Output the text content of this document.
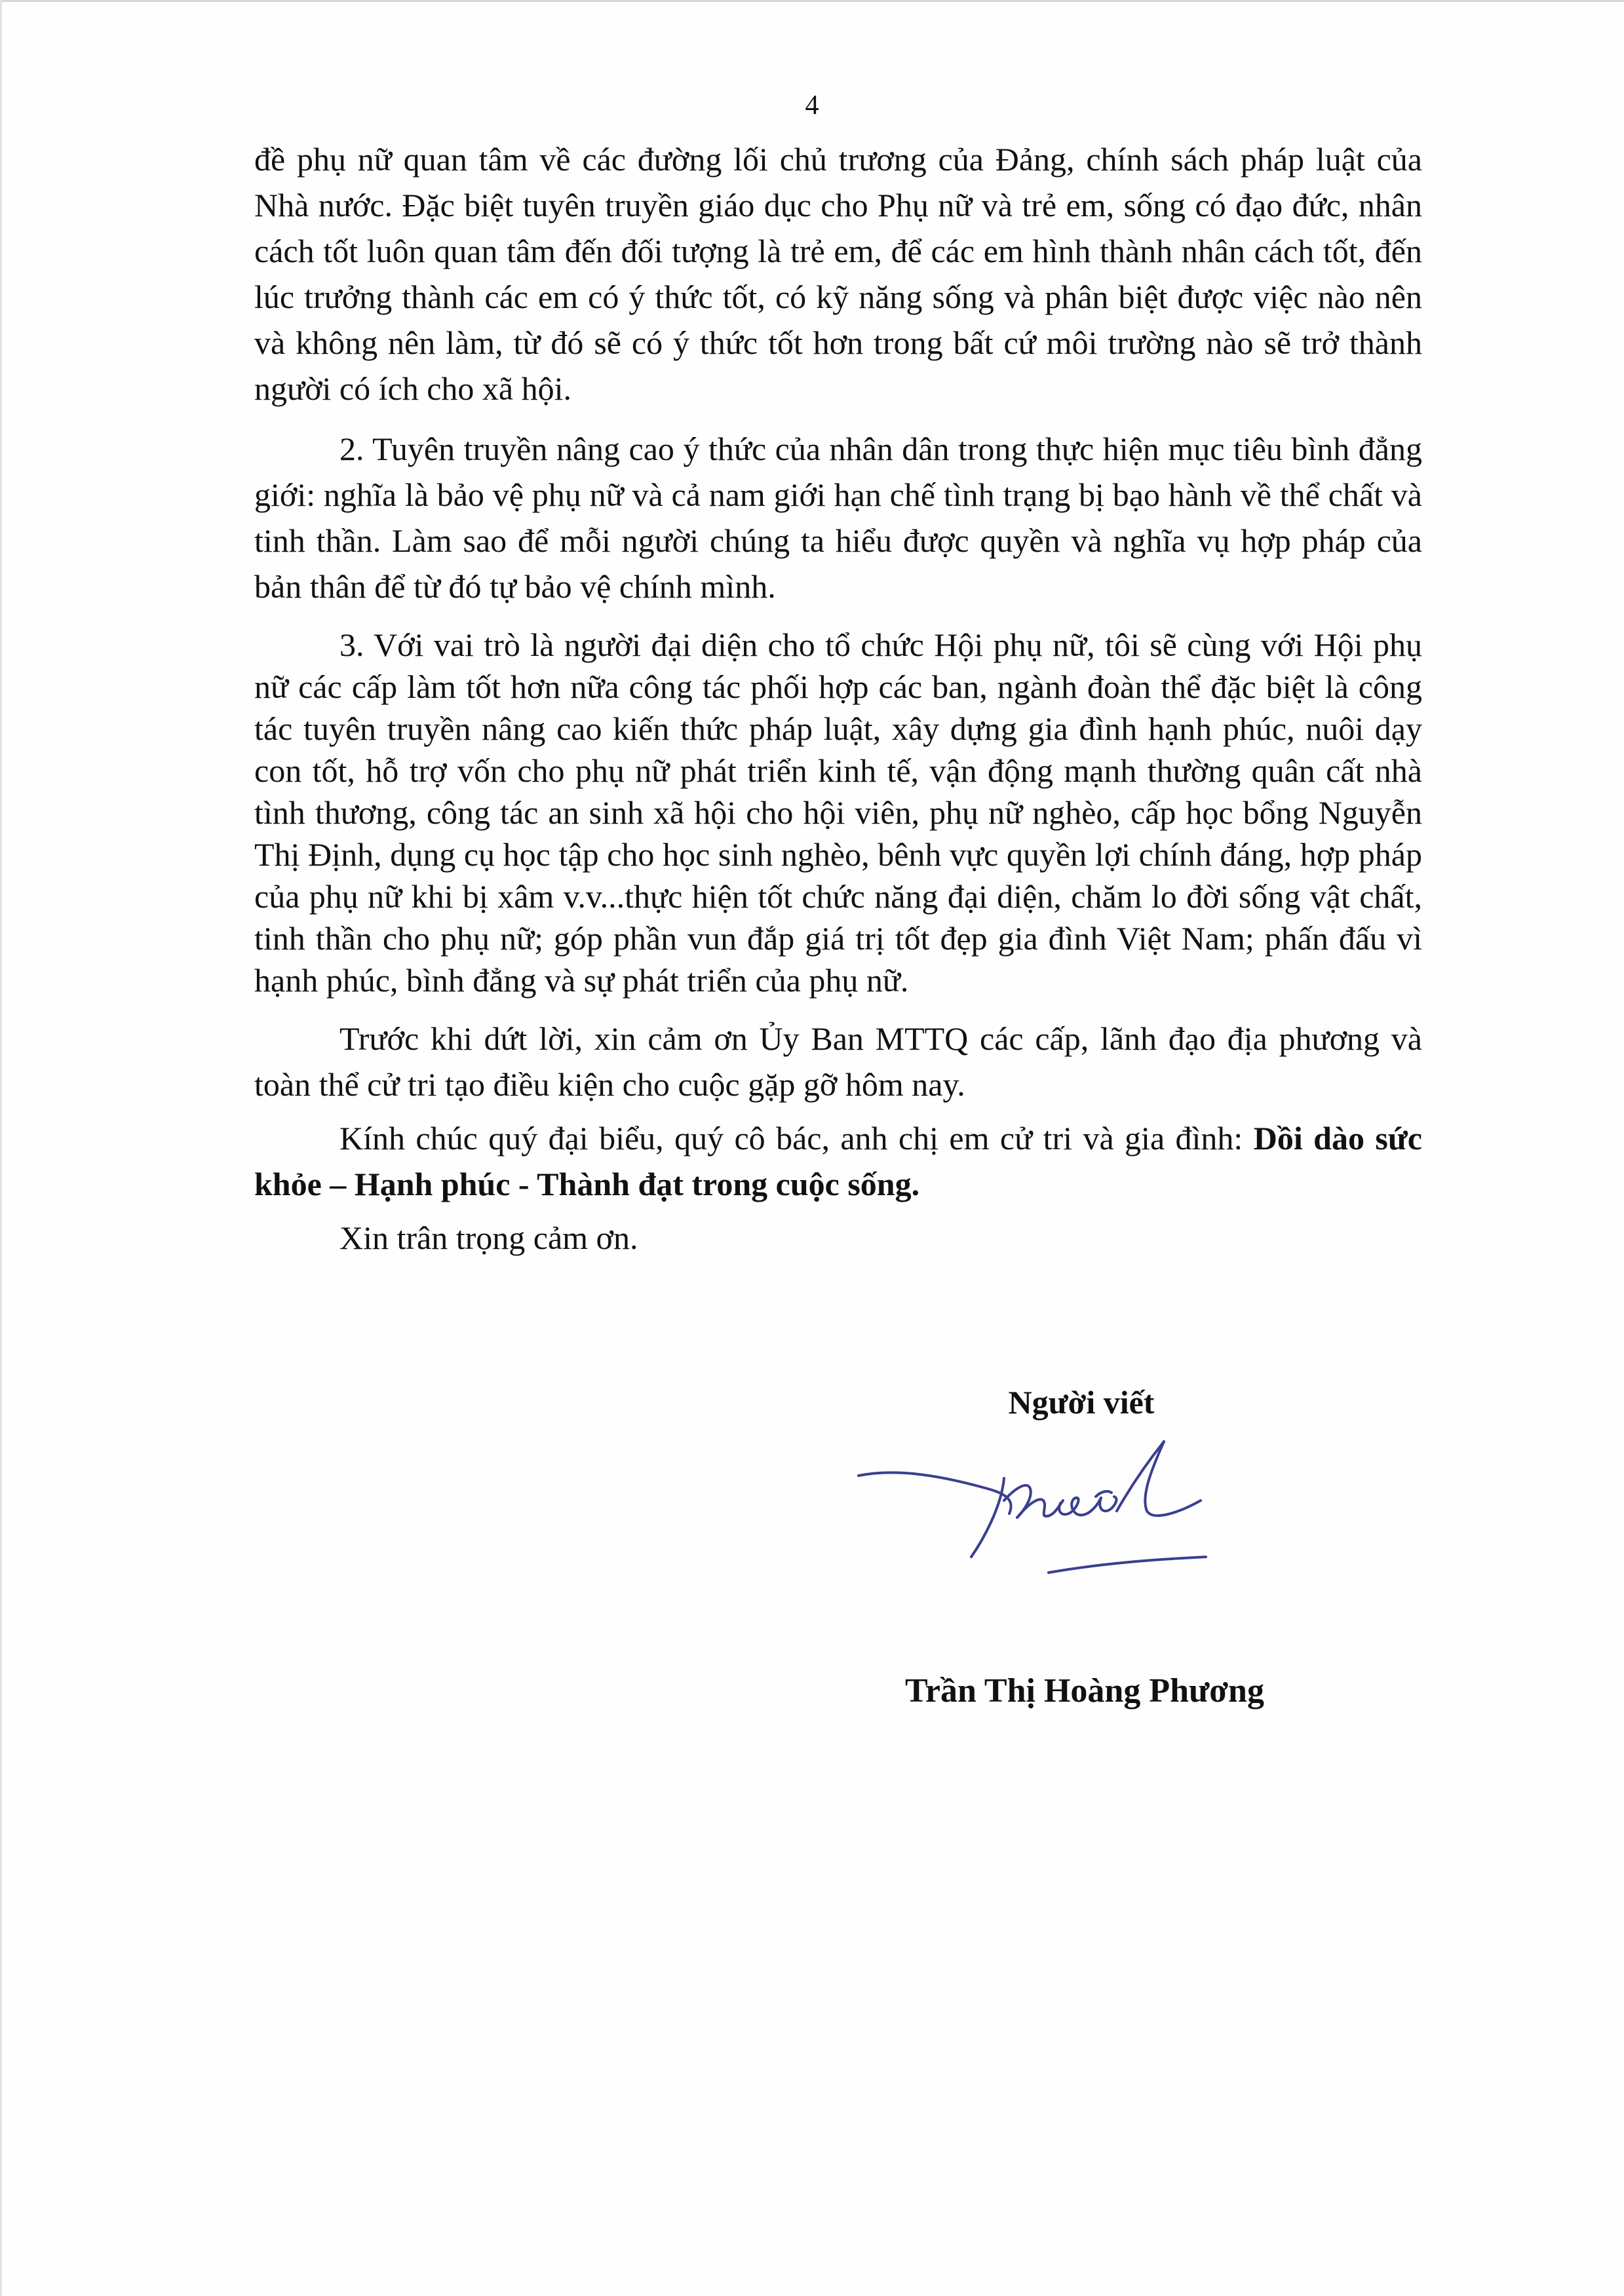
4

đề phụ nữ quan tâm về các đường lối chủ trương của Đảng, chính sách pháp luật của Nhà nước. Đặc biệt tuyên truyền giáo dục cho Phụ nữ và trẻ em, sống có đạo đức, nhân cách tốt luôn quan tâm đến đối tượng là trẻ em, để các em hình thành nhân cách tốt, đến lúc trưởng thành các em có ý thức tốt, có kỹ năng sống và phân biệt được việc nào nên và không nên làm, từ đó sẽ có ý thức tốt hơn trong bất cứ môi trường nào sẽ trở thành người có ích cho xã hội.

2. Tuyên truyền nâng cao ý thức của nhân dân trong thực hiện mục tiêu bình đẳng giới: nghĩa là bảo vệ phụ nữ và cả nam giới hạn chế tình trạng bị bạo hành về thể chất và tinh thần. Làm sao để mỗi người chúng ta hiểu được quyền và nghĩa vụ hợp pháp của bản thân để từ đó tự bảo vệ chính mình.

3. Với vai trò là người đại diện cho tổ chức Hội phụ nữ, tôi sẽ cùng với Hội phụ nữ các cấp làm tốt hơn nữa công tác phối hợp các ban, ngành đoàn thể đặc biệt là công tác tuyên truyền nâng cao kiến thức pháp luật, xây dựng gia đình hạnh phúc, nuôi dạy con tốt, hỗ trợ vốn cho phụ nữ phát triển kinh tế, vận động mạnh thường quân cất nhà tình thương, công tác an sinh xã hội cho hội viên, phụ nữ nghèo, cấp học bổng Nguyễn Thị Định, dụng cụ học tập cho học sinh nghèo, bênh vực quyền lợi chính đáng, hợp pháp của phụ nữ khi bị xâm v.v...thực hiện tốt chức năng đại diện, chăm lo đời sống vật chất, tinh thần cho phụ nữ; góp phần vun đắp giá trị tốt đẹp gia đình Việt Nam; phấn đấu vì hạnh phúc, bình đẳng và sự phát triển của phụ nữ.

Trước khi dứt lời, xin cảm ơn Ủy Ban MTTQ các cấp, lãnh đạo địa phương và toàn thể cử tri tạo điều kiện cho cuộc gặp gỡ hôm nay.

Kính chúc quý đại biểu, quý cô bác, anh chị em cử tri và gia đình: Dồi dào sức khỏe – Hạnh phúc - Thành đạt trong cuộc sống.

Xin trân trọng cảm ơn.

Người viết
Trần Thị Hoàng Phương
